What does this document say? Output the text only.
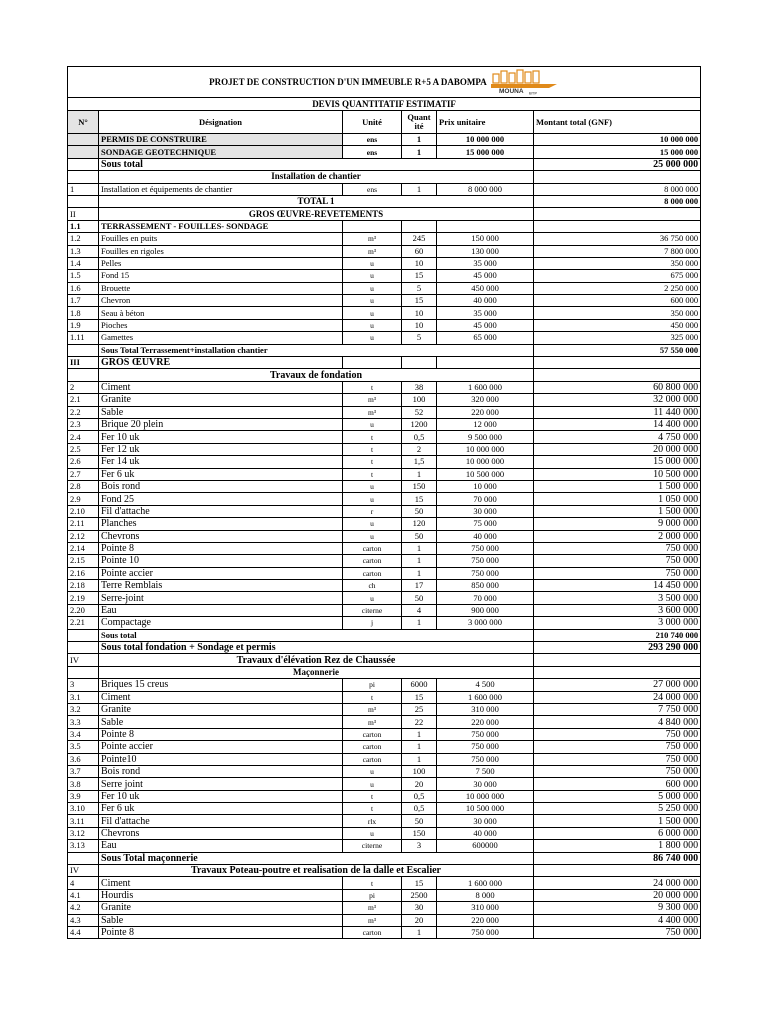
PROJET DE CONSTRUCTION D'UN IMMEUBLE R+5 A DABOMPA
MOUNA BTP					

DEVIS QUANTITATIF ESTIMATIF					
N°	Désignation	Unité	Quant ité	Prix unitaire	Montant total (GNF)
	PERMIS DE CONSTRUIRE	ens	1	10 000 000	10 000 000
	SONDAGE GEOTECHNIQUE	ens	1	15 000 000	15 000 000
	Sous total				25 000 000
	Installation de chantier				
1	Installation et équipements de chantier	ens	1	8 000 000	8 000 000
	TOTAL 1				8 000 000
II	GROS ŒUVRE-REVETEMENTS				
1.1	TERRASSEMENT - FOUILLES- SONDAGE				
1.2	Fouilles en puits	m³	245	150 000	36 750 000
1.3	Fouilles en rigoles	m³	60	130 000	7 800 000
1.4	Pelles	u	10	35 000	350 000
1.5	Fond 15	u	15	45 000	675 000
1.6	Brouette	u	5	450 000	2 250 000
1.7	Chevron	u	15	40 000	600 000
1.8	Seau à béton	u	10	35 000	350 000
1.9	Pioches	u	10	45 000	450 000
1.11	Gamettes	u	5	65 000	325 000
	Sous Total Terrassement+installation chantier				57 550 000
III	GROS ŒUVRE				
	Travaux de fondation				
2	Ciment	t	38	1 600 000	60 800 000
2.1	Granite	m³	100	320 000	32 000 000
2.2	Sable	m³	52	220 000	11 440 000
2.3	Brique 20 plein	u	1200	12 000	14 400 000
2.4	Fer 10 uk	t	0,5	9 500 000	4 750 000
2.5	Fer 12 uk	t	2	10 000 000	20 000 000
2.6	Fer 14 uk	t	1,5	10 000 000	15 000 000
2.7	Fer 6 uk	t	1	10 500 000	10 500 000
2.8	Bois rond	u	150	10 000	1 500 000
2.9	Fond 25	u	15	70 000	1 050 000
2.10	Fil d'attache	r	50	30 000	1 500 000
2.11	Planches	u	120	75 000	9 000 000
2.12	Chevrons	u	50	40 000	2 000 000
2.14	Pointe 8	carton	1	750 000	750 000
2.15	Pointe 10	carton	1	750 000	750 000
2.16	Pointe accier	carton	1	750 000	750 000
2.18	Terre Remblais	ch	17	850 000	14 450 000
2.19	Serre-joint	u	50	70 000	3 500 000
2.20	Eau	citerne	4	900 000	3 600 000
2.21	Compactage	j	1	3 000 000	3 000 000
	Sous total				210 740 000
	Sous total fondation + Sondage et permis				293 290 000
IV	Travaux d'élévation Rez de Chaussée				
	Maçonnerie				
3	Briques 15 creus	pi	6000	4 500	27 000 000
3.1	Ciment	t	15	1 600 000	24 000 000
3.2	Granite	m³	25	310 000	7 750 000
3.3	Sable	m³	22	220 000	4 840 000
3.4	Pointe 8	carton	1	750 000	750 000
3.5	Pointe accier	carton	1	750 000	750 000
3.6	Pointe10	carton	1	750 000	750 000
3.7	Bois rond	u	100	7 500	750 000
3.8	Serre joint	u	20	30 000	600 000
3.9	Fer 10 uk	t	0,5	10 000 000	5 000 000
3.10	Fer 6 uk	t	0,5	10 500 000	5 250 000
3.11	Fil d'attache	rlx	50	30 000	1 500 000
3.12	Chevrons	u	150	40 000	6 000 000
3.13	Eau	citerne	3	600000	1 800 000
	Sous Total maçonnerie				86 740 000
IV	Travaux Poteau-poutre et realisation de la dalle et Escalier				
4	Ciment	t	15	1 600 000	24 000 000
4.1	Hourdis	pi	2500	8 000	20 000 000
4.2	Granite	m³	30	310 000	9 300 000
4.3	Sable	m³	20	220 000	4 400 000
4.4	Pointe 8	carton	1	750 000	750 000
